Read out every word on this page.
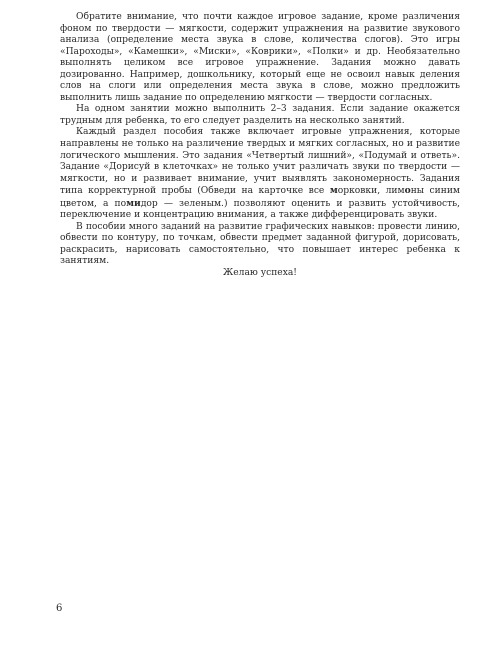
Обратите внимание, что почти каждое игровое задание, кроме различения фоном по твердости — мягкости, содержит упражнения на развитие звукового анализа (определение места звука в слове, количества слогов). Это игры «Пароходы», «Камешки», «Миски», «Коврики», «Полки» и др. Необязательно выполнять целиком все игровое упражнение. Задания можно давать дозированно. Например, дошкольнику, который еще не освоил навык деления слов на слоги или определения места звука в слове, можно предложить выполнить лишь задание по определению мягкости — твердости согласных.

На одном занятии можно выполнить 2–3 задания. Если задание окажется трудным для ребенка, то его следует разделить на несколько занятий.

Каждый раздел пособия также включает игровые упражнения, которые направлены не только на различение твердых и мягких согласных, но и развитие логического мышления. Это задания «Четвертый лишний», «Подумай и ответь». Задание «Дорисуй в клеточках» не только учит различать звуки по твердости — мягкости, но и развивает внимание, учит выявлять закономерность. Задания типа корректурной пробы (Обведи на карточке все морковки, лимоны синим цветом, а помидор — зеленым.) позволяют оценить и развить устойчивость, переключение и концентрацию внимания, а также дифференцировать звуки.

В пособии много заданий на развитие графических навыков: провести линию, обвести по контуру, по точкам, обвести предмет заданной фигурой, дорисовать, раскрасить, нарисовать самостоятельно, что повышает интерес ребенка к занятиям.

Желаю успеха!

6
